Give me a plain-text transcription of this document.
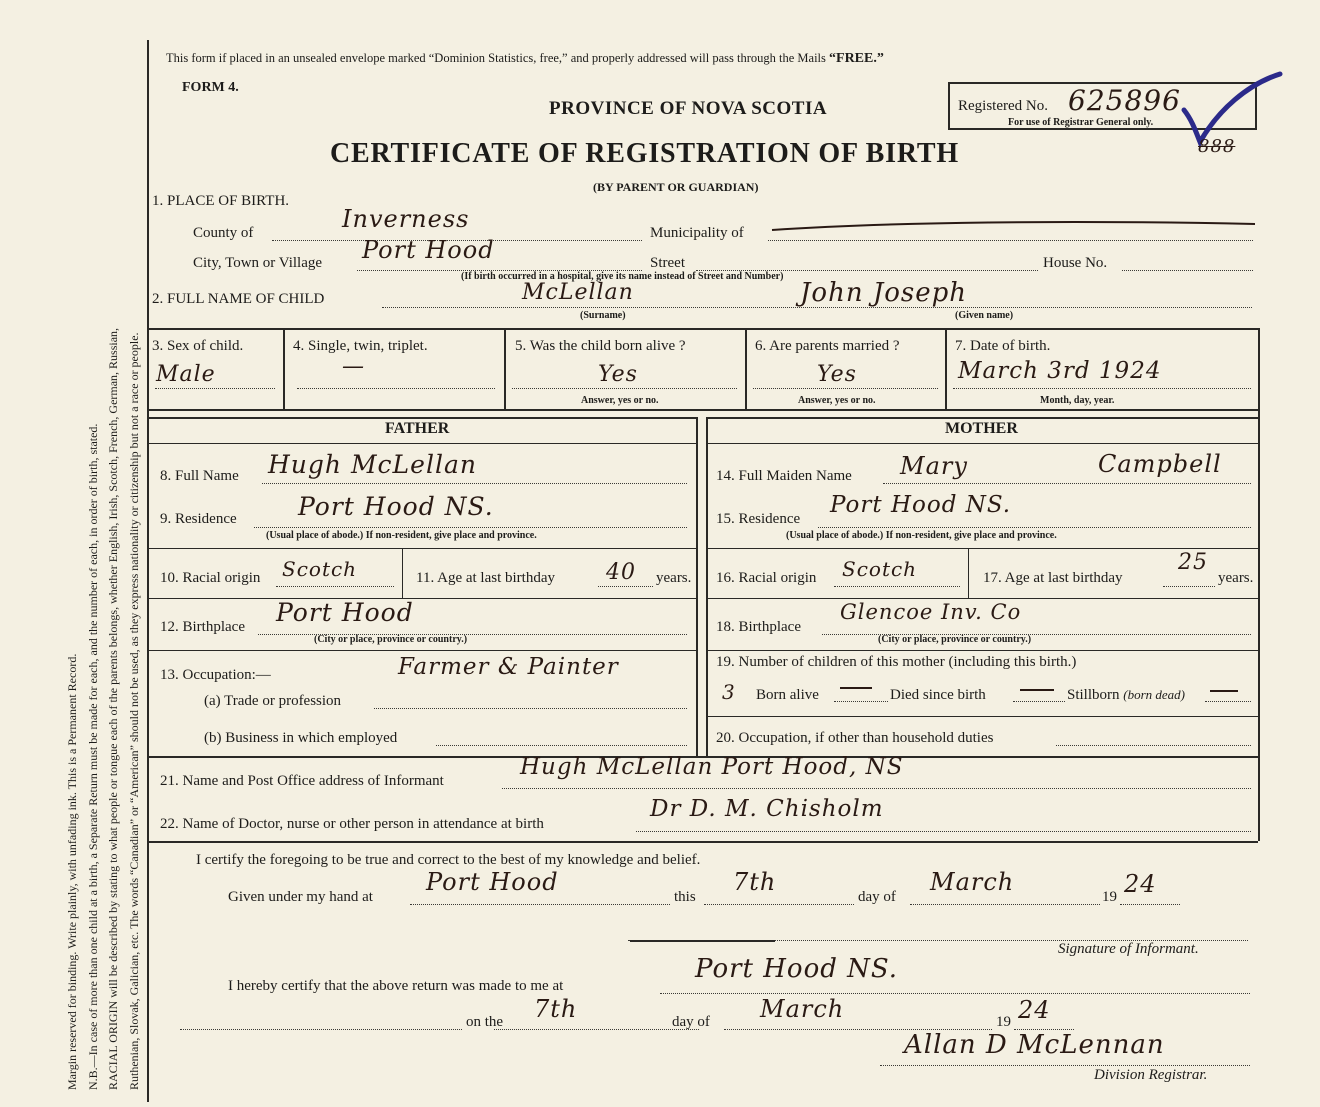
Margin reserved for binding. Write plainly, with unfading ink. This is a Permanent Record. N.B.—In case of more than one child at a birth, a Separate Return must be made for each, and the number of each, in order of birth, stated. RACIAL ORIGIN will be described by stating to what people or tongue each of the parents belongs, whether English, Irish, Scotch, French, German, Russian, Ruthenian, Slovak, Galician, etc. The words “Canadian” or “American” should not be used, as they express nationality or citizenship but not a race or people.
This form if placed in an unsealed envelope marked “Dominion Statistics, free,” and properly addressed will pass through the Mails “FREE.”
FORM 4.
PROVINCE OF NOVA SCOTIA
CERTIFICATE OF REGISTRATION OF BIRTH
(BY PARENT OR GUARDIAN)
Registered No. 625896
For use of Registrar General only.
888
1. PLACE OF BIRTH.
County of	Inverness	Municipality of
City, Town or Village Port Hood	Street	House No.
(If birth occurred in a hospital, give its name instead of Street and Number)
2. FULL NAME OF CHILD	McLellan	John Joseph
(Surname)	(Given name)
3. Sex of child.
Male
4. Single, twin, triplet.
—
5. Was the child born alive ?
Yes
Answer, yes or no.
6. Are parents married ?
Yes
Answer, yes or no.
7. Date of birth.
March 3rd 1924
Month, day, year.
FATHER
8. Full Name Hugh McLellan
9. Residence Port Hood NS.
(Usual place of abode.) If non-resident, give place and province.
10. Racial origin Scotch	11. Age at last birthday 40 years.
12. Birthplace Port Hood
(City or place, province or country.)
13. Occupation:—	Farmer & Painter
(a) Trade or profession
(b) Business in which employed
MOTHER
14. Full Maiden Name Mary	Campbell
15. Residence
Port Hood NS.
(Usual place of abode.) If non-resident, give place and province.
16. Racial origin Scotch	17. Age at last birthday
25
years.
18. Birthplace
Glencoe Inv. Co
(City or place, province or country.)
19. Number of children of this mother (including this birth.)
3 Born alive	Died since birth	Stillborn (born dead)
20. Occupation, if other than household duties
21. Name and Post Office address of Informant
Hugh McLellan Port Hood, NS
22. Name of Doctor, nurse or other person in attendance at birth
Dr D. M. Chisholm
I certify the foregoing to be true and correct to the best of my knowledge and belief.
Given under my hand at
Port Hood
this
7th
day of
March
19 24
Signature of Informant.
I hereby certify that the above return was made to me at
Port Hood NS.
on the 7th	day of March	19 24
Allan D McLennan
Division Registrar.
